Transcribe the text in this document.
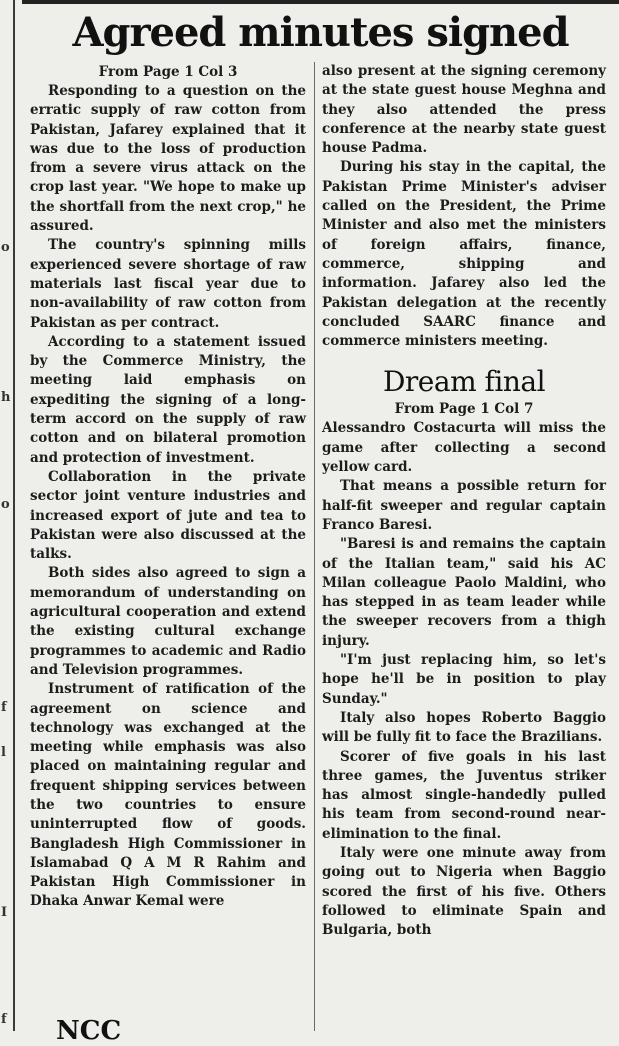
o
h
o
f
l
I
f
Agreed minutes signed

From Page 1 Col 3

Responding to a question on the erratic supply of raw cotton from Pakistan, Jafarey explained that it was due to the loss of production from a severe virus attack on the crop last year. "We hope to make up the shortfall from the next crop," he assured.

The country's spinning mills experienced severe shortage of raw materials last fiscal year due to non-availability of raw cotton from Pakistan as per contract.

According to a statement issued by the Commerce Ministry, the meeting laid emphasis on expediting the signing of a long-term accord on the supply of raw cotton and on bilateral promotion and protection of investment.

Collaboration in the private sector joint venture industries and increased export of jute and tea to Pakistan were also discussed at the talks.

Both sides also agreed to sign a memorandum of understanding on agricultural cooperation and extend the existing cultural exchange programmes to academic and Radio and Television programmes.

Instrument of ratification of the agreement on science and technology was exchanged at the meeting while emphasis was also placed on maintaining regular and frequent shipping services between the two countries to ensure uninterrupted flow of goods. Bangladesh High Commissioner in Islamabad Q A M R Rahim and Pakistan High Commissioner in Dhaka Anwar Kemal were

also present at the signing ceremony at the state guest house Meghna and they also attended the press conference at the nearby state guest house Padma.

During his stay in the capital, the Pakistan Prime Minister's adviser called on the President, the Prime Minister and also met the ministers of foreign affairs, finance, commerce, shipping and information. Jafarey also led the Pakistan delegation at the recently concluded SAARC finance and commerce ministers meeting.

Dream final

From Page 1 Col 7

Alessandro Costacurta will miss the game after collecting a second yellow card.

That means a possible return for half-fit sweeper and regular captain Franco Baresi.

"Baresi is and remains the captain of the Italian team," said his AC Milan colleague Paolo Maldini, who has stepped in as team leader while the sweeper recovers from a thigh injury.

"I'm just replacing him, so let's hope he'll be in position to play Sunday."

Italy also hopes Roberto Baggio will be fully fit to face the Brazilians.

Scorer of five goals in his last three games, the Juventus striker has almost single-handedly pulled his team from second-round near-elimination to the final.

Italy were one minute away from going out to Nigeria when Baggio scored the first of his five. Others followed to eliminate Spain and Bulgaria, both

NCC
